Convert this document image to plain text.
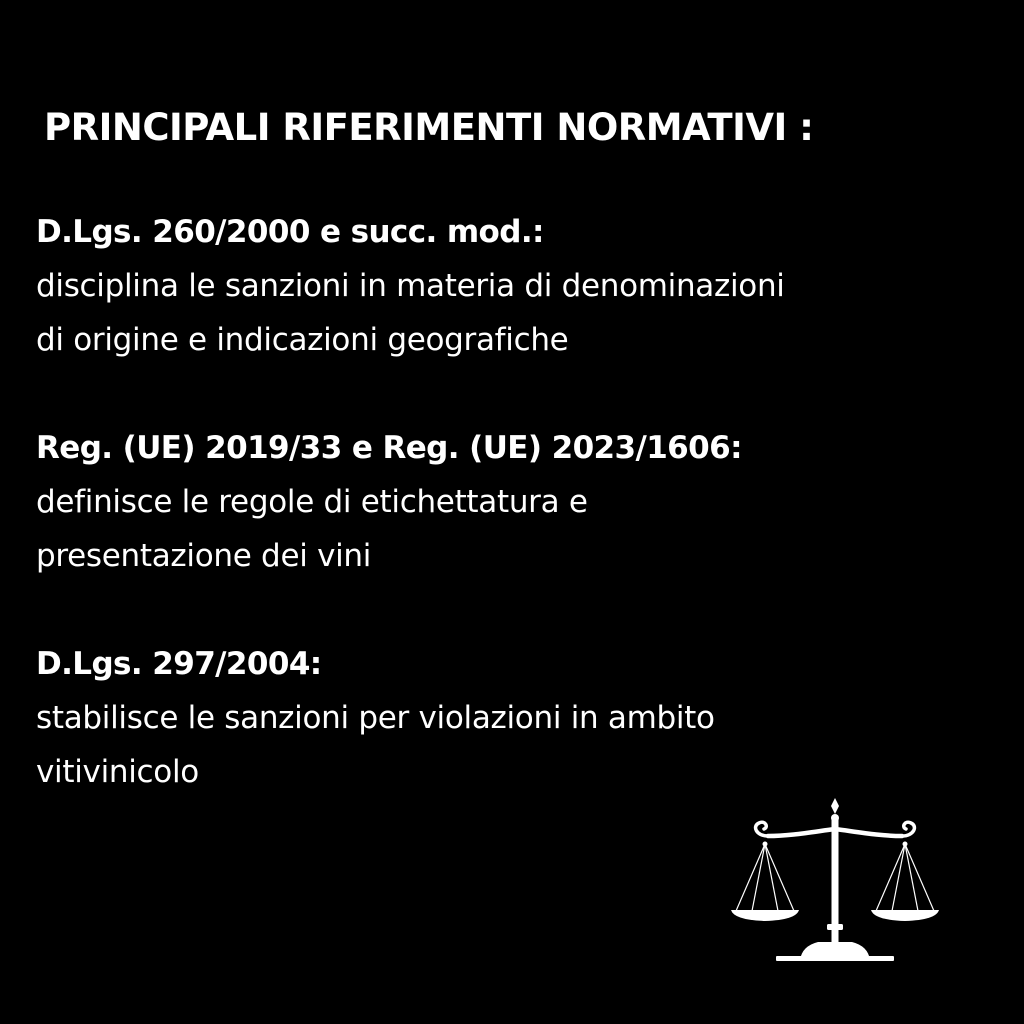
PRINCIPALI RIFERIMENTI NORMATIVI :
D.Lgs. 260/2000 e succ. mod.:
disciplina le sanzioni in materia di denominazioni
di origine e indicazioni geografiche
Reg. (UE) 2019/33 e Reg. (UE) 2023/1606:
definisce le regole di etichettatura e
presentazione dei vini
D.Lgs. 297/2004:
stabilisce le sanzioni per violazioni in ambito
vitivinicolo
